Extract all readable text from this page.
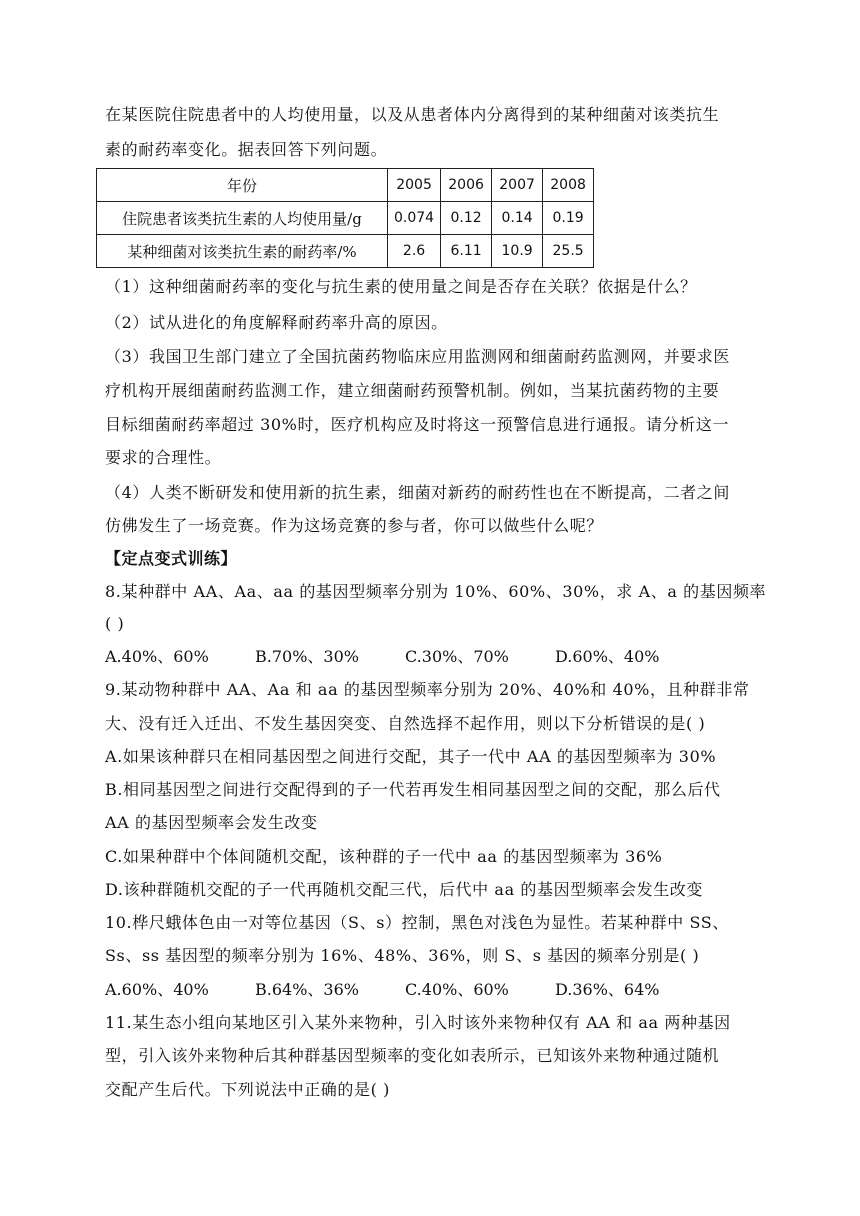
在某医院住院患者中的人均使用量，以及从患者体内分离得到的某种细菌对该类抗生
素的耐药率变化。据表回答下列问题。
年份	2005	2006	2007	2008
住院患者该类抗生素的人均使用量/g	0.074	0.12	0.14	0.19
某种细菌对该类抗生素的耐药率/%	2.6	6.11	10.9	25.5
（1）这种细菌耐药率的变化与抗生素的使用量之间是否存在关联？依据是什么？
（2）试从进化的角度解释耐药率升高的原因。
（3）我国卫生部门建立了全国抗菌药物临床应用监测网和细菌耐药监测网，并要求医
疗机构开展细菌耐药监测工作，建立细菌耐药预警机制。例如，当某抗菌药物的主要
目标细菌耐药率超过 30%时，医疗机构应及时将这一预警信息进行通报。请分析这一
要求的合理性。
（4）人类不断研发和使用新的抗生素，细菌对新药的耐药性也在不断提高，二者之间
仿佛发生了一场竞赛。作为这场竞赛的参与者，你可以做些什么呢？
【定点变式训练】
8.某种群中 AA、Aa、aa 的基因型频率分别为 10%、60%、30%，求 A、a 的基因频率
( )
A.40%、60%	B.70%、30%	C.30%、70%	D.60%、40%
9.某动物种群中 AA、Aa 和 aa 的基因型频率分别为 20%、40%和 40%，且种群非常
大、没有迁入迁出、不发生基因突变、自然选择不起作用，则以下分析错误的是( )
A.如果该种群只在相同基因型之间进行交配，其子一代中 AA 的基因型频率为 30%
B.相同基因型之间进行交配得到的子一代若再发生相同基因型之间的交配，那么后代
AA 的基因型频率会发生改变
C.如果种群中个体间随机交配，该种群的子一代中 aa 的基因型频率为 36%
D.该种群随机交配的子一代再随机交配三代，后代中 aa 的基因型频率会发生改变
10.桦尺蛾体色由一对等位基因（S、s）控制，黑色对浅色为显性。若某种群中 SS、
Ss、ss 基因型的频率分别为 16%、48%、36%，则 S、s 基因的频率分别是( )
A.60%、40%	B.64%、36%	C.40%、60%	D.36%、64%
11.某生态小组向某地区引入某外来物种，引入时该外来物种仅有 AA 和 aa 两种基因
型，引入该外来物种后其种群基因型频率的变化如表所示，已知该外来物种通过随机
交配产生后代。下列说法中正确的是( )
